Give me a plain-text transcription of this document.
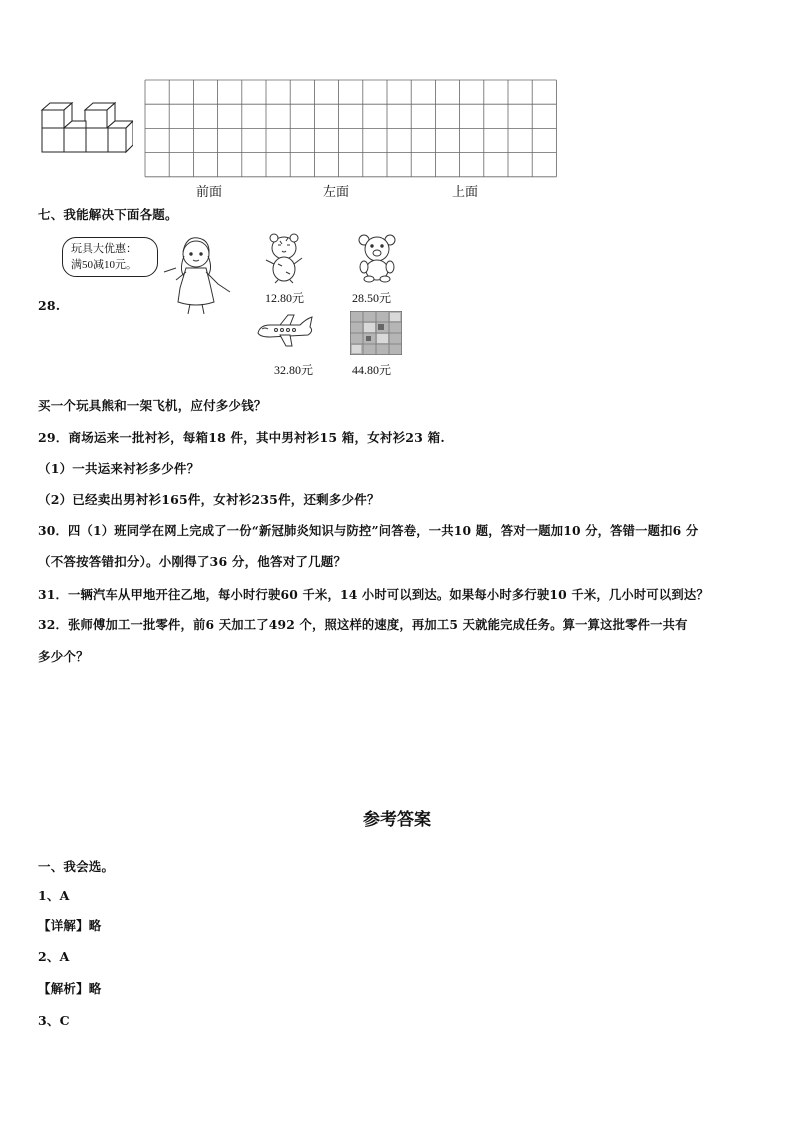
前面	左面	上面
七、我能解决下面各题。
28.
玩具大优惠：
满50减10元。
12.80元	28.50元
32.80元	44.80元
买一个玩具熊和一架飞机，应付多少钱？
29．商场运来一批衬衫，每箱18 件，其中男衬衫15 箱，女衬衫23 箱.
（1）一共运来衬衫多少件？
（2）已经卖出男衬衫165件，女衬衫235件，还剩多少件？
30．四（1）班同学在网上完成了一份“新冠肺炎知识与防控”问答卷，一共10 题，答对一题加10 分，答错一题扣6 分
（不答按答错扣分）。小刚得了36 分，他答对了几题？
31．一辆汽车从甲地开往乙地，每小时行驶60 千米，14 小时可以到达。如果每小时多行驶10 千米，几小时可以到达？
32．张师傅加工一批零件，前6 天加工了492 个，照这样的速度，再加工5 天就能完成任务。算一算这批零件一共有
多少个？
参考答案
一、我会选。
1、A
【详解】略
2、A
【解析】略
3、C
